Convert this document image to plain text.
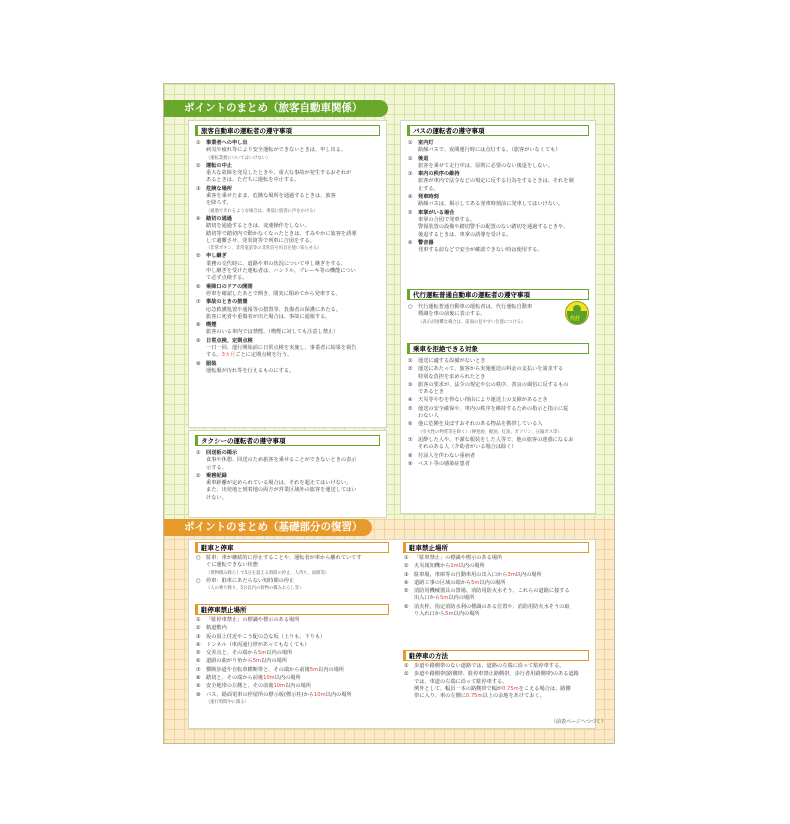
ポイントのまとめ（旅客自動車関係）
旅客自動車の運転者の遵守事項
① 事業者への申し出
病気や疲れ等により安全運転ができないときは、申し出る。
（運転業務についてはいけない）
② 運転の中止
重大な故障を発見したときや、重大な事故が発生するおそれが
あるときは、ただちに運転を中止する。
③ 危険な場所
乗客を乗せたまま、危険な場所を通過するときは、旅客
を降ろす。
（通過できれるような場合は、事前に旅客に声をかける）
④ 踏切の通過
踏切を通過するときは、変速操作をしない。
踏切等で踏切内で動かなくなったときは、すみやかに旅客を誘導
して避難させ、発炎筒等で列車に合図をする。
（非常ボタン、非常電話等の非常信号用具を使い知らせる）
⑤ 申し継ぎ
業務の交代時に、道路や車の状況について申し継ぎをする。
申し継ぎを受けた運転者は、ハンドル、ブレーキ等の機能につい
て必ず点検する。
⑥ 乗降口のドアの開閉
停車を確認したあとで開き、閉実に閉めてから発車する。
⑦ 事故のときの措置
応急救護処置や通報等の措置等、負傷者の保護にあたる。
旅客に死者や重傷者が出た場合は、事故に通報する。
⑧ 喫煙
旅客のいる車内では禁煙。（喫煙に対しても注意し禁止）
⑨ 日常点検、定期点検
一日一回、運行開始前に日常点検を実施し、事業者に結果を報告
する。3カ月ごとに定期点検を行う。
⑩ 服装
運転服が汚れ等を行えるものにする。
タクシーの運転者の遵守事項
① 回送板の掲示
食事や休憩、回送のため旅客を乗せることができないときの表示
示する。
② 乗務記録
乗車距離が定められている場合は、それを超えてはいけない。
また、出発地と到着地の両方が営業区域外の旅客を運送してはい
けない。
バスの運転者の遵守事項
① 室内灯
路線バスで、夜間運行時には点灯する。（旅客がいなくても）
② 後退
旅客を乗せて走行中は、原則に必要のない後退をしない。
③ 車内の秩序の維持
旅客が車内で法令などの規定に反する行為をするときは、それを制
止する。
④ 発車時刻
路線バスは、掲示してある発車時刻前に発車してはいけない。
⑤ 車掌がいる場合
車掌の合図で発車する。
警報装置の設備や踏切警手の配置のない踏切を通過するときや、
後退するときは、車掌の誘導を受ける。
⑥ 警音器
発車する前などで安全が確認できない時は使用する。
代行運転普通自動車の運転者の遵守事項
○ 代行運転普通自動車の運転者は、代行運転自動車
標識を車の前後に表示する。
（表示が困難な場合は、前面の見やすい位置につける）
代行
乗車を拒絶できる対象
① 運送に適する設備がないとき
② 運送にあたって、旅客から実施運送の料金の支払いを請求する
特別な負担を求められたとき
③ 旅客の要求が、法令の規定や公の秩序、善良の風俗に反するもの
であるとき
④ 天災等やむを得ない理由により運送上の支障があるとき
⑤ 運送の安全確保や、車内の秩序を維持するための指示と指示に従
わない人
⑥ 他に危険を及ぼすおそれのある物品を携帯している人
（引火性の物質等を除く）（揮発油、軽油、灯油、ガソリン、圧縮ガス等）
⑦ 泥酔した人や、不潔な服装をした人等で、他の旅客の迷惑になるお
それのある人（介助者がいる場合は除く）
⑧ 付添人を伴わない重病者
⑨ ペスト等の感染症患者
ポイントのまとめ（基礎部分の復習）
駐車と停車
○ 駐車：車が継続的に停止することや、運転者が車から離れていてす
ぐに運転できない状態
（貨物積み降ろしで5分を超える時間の停止、人待ち、故障等）
○ 停車：駐車にあたらない短時間の停止
（人の乗り降り、5分以内の荷物の積みおろし等）
駐停車禁止場所
① 「駐停車禁止」の標識や標示のある場所
② 軌道敷内
③ 坂の頂上付近やこう配の急な坂（上りも、下りも）
④ トンネル（車両通行帯があってもなくても）
⑤ 交差点と、その端から5m以内の場所
⑥ 道路の曲がり角から5m以内の場所
⑦ 横断歩道や自転車横断帯と、その端から前後5m以内の場所
⑧ 踏切と、その端から前後10m以内の場所
⑨ 安全地帯の左側と、その前後10m以内の場所
⑩ バス、路面電車の停留所の標示板(標示柱)から10m以内の場所
（運行時間中に限る）
駐車禁止場所
① 「駐車禁止」の標識や標示のある場所
② 火災報知機から1m以内の場所
③ 駐車場、車庫等の自動車用の出入口から3m以内の場所
④ 道路工事の区域の端から5m以内の場所
⑤ 消防用機械器具の置場、消防用防火水そう、これらの道路に接する
出入口から5m以内の場所
⑥ 消火栓、指定消防水利の標識のある位置や、消防用防火水そうの取
り入れ口から5m以内の場所
駐停車の方法
① 歩道や路側帯のない道路では、道路の左端に沿って駐停車する。
② 歩道や路側帯(路側帯、駐停車禁止路側帯、歩行者用路側帯)のある道路
では、車道の左端に沿って駐停車する。
例外として、幅員一本の路側帯で幅が0.75mをこえる場合は、路側
帯に入り、車の左側に0.75m以上の余地をあけておく。
（前表ページへつづく）
